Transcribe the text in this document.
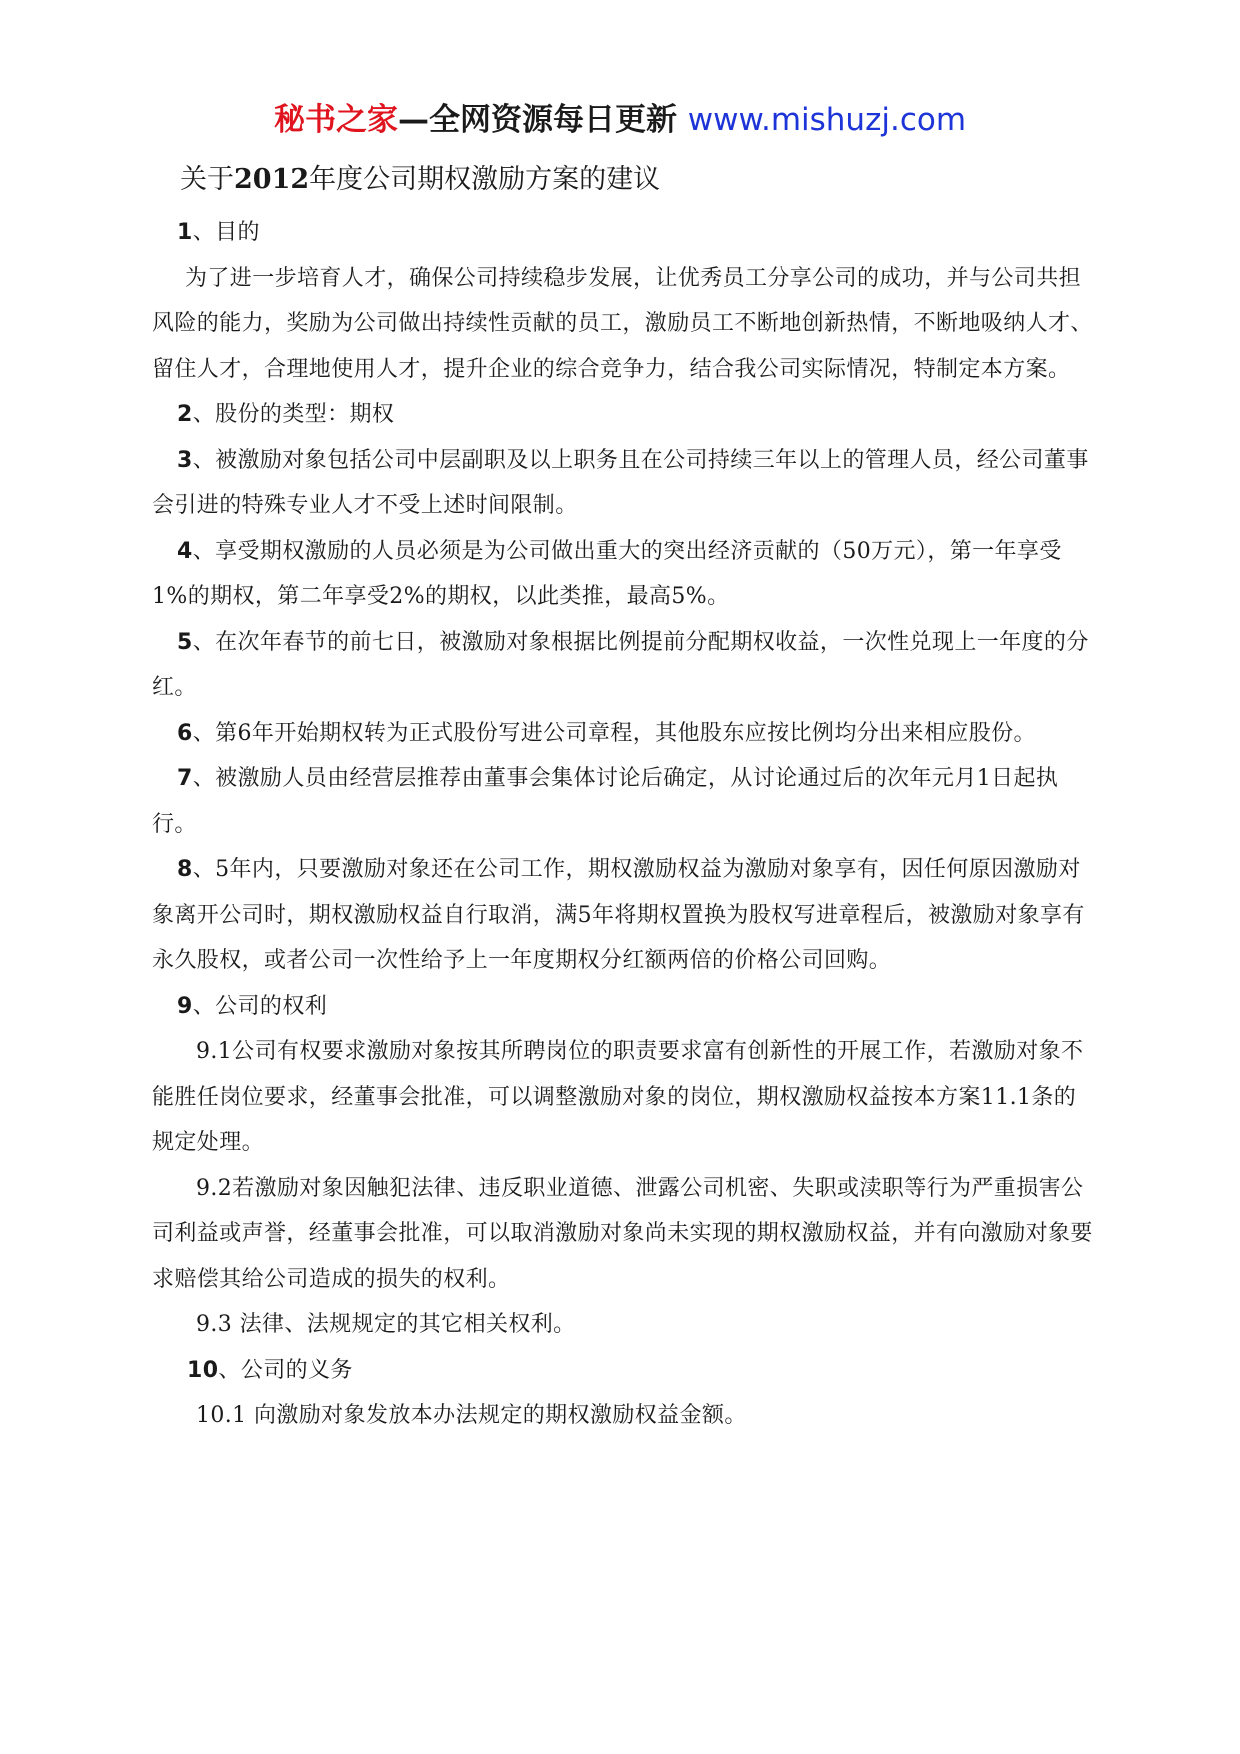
秘书之家—全网资源每日更新 www.mishuzj.com
关于2012年度公司期权激励方案的建议

1、目的

为了进一步培育人才，确保公司持续稳步发展，让优秀员工分享公司的成功，并与公司共担风险的能力，奖励为公司做出持续性贡献的员工，激励员工不断地创新热情，不断地吸纳人才、留住人才，合理地使用人才，提升企业的综合竞争力，结合我公司实际情况，特制定本方案。

2、股份的类型：期权

3、被激励对象包括公司中层副职及以上职务且在公司持续三年以上的管理人员，经公司董事会引进的特殊专业人才不受上述时间限制。

4、享受期权激励的人员必须是为公司做出重大的突出经济贡献的（50万元），第一年享受1%的期权，第二年享受2%的期权，以此类推，最高5%。

5、在次年春节的前七日，被激励对象根据比例提前分配期权收益，一次性兑现上一年度的分红。

6、第6年开始期权转为正式股份写进公司章程，其他股东应按比例均分出来相应股份。

7、被激励人员由经营层推荐由董事会集体讨论后确定，从讨论通过后的次年元月1日起执行。

8、5年内，只要激励对象还在公司工作，期权激励权益为激励对象享有，因任何原因激励对象离开公司时，期权激励权益自行取消，满5年将期权置换为股权写进章程后，被激励对象享有永久股权，或者公司一次性给予上一年度期权分红额两倍的价格公司回购。

9、公司的权利

9.1公司有权要求激励对象按其所聘岗位的职责要求富有创新性的开展工作，若激励对象不能胜任岗位要求，经董事会批准，可以调整激励对象的岗位，期权激励权益按本方案11.1条的规定处理。

9.2若激励对象因触犯法律、违反职业道德、泄露公司机密、失职或渎职等行为严重损害公司利益或声誉，经董事会批准，可以取消激励对象尚未实现的期权激励权益，并有向激励对象要求赔偿其给公司造成的损失的权利。

9.3 法律、法规规定的其它相关权利。

10、公司的义务

10.1 向激励对象发放本办法规定的期权激励权益金额。
